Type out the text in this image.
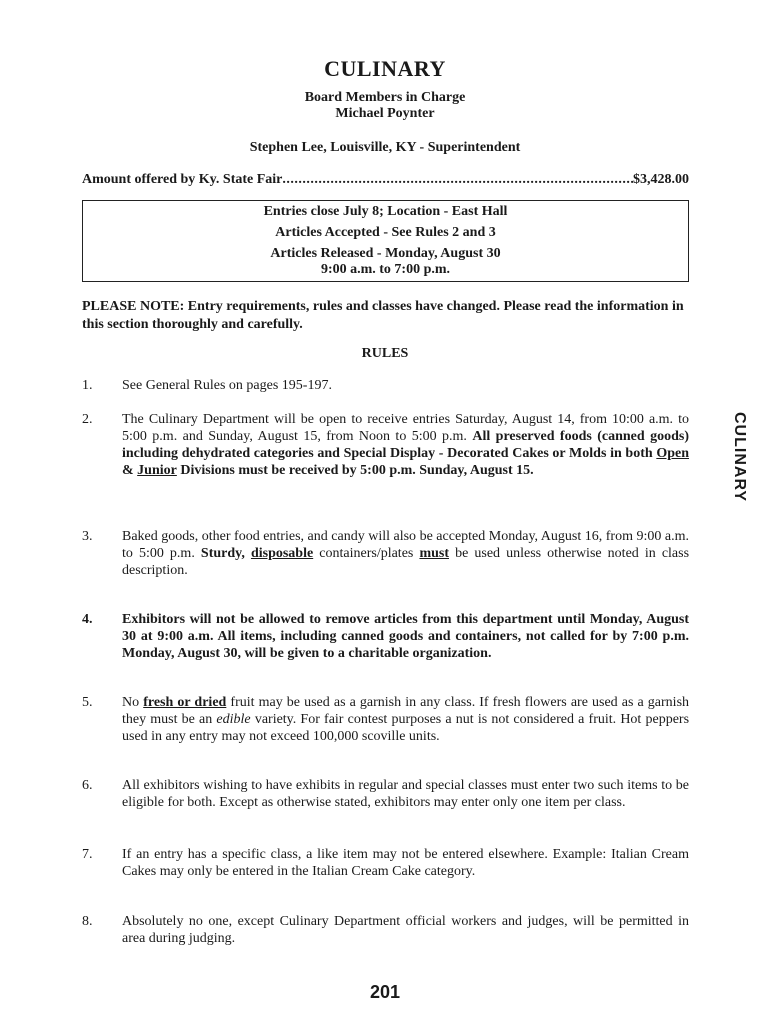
CULINARY
Board Members in Charge
Michael Poynter
Stephen Lee, Louisville, KY - Superintendent
Amount offered by Ky. State Fair
.....	$3,428.00
Entries close July 8; Location - East Hall
Articles Accepted - See Rules 2 and 3
Articles Released - Monday, August 30
9:00 a.m. to 7:00 p.m.
PLEASE NOTE: Entry requirements, rules and classes have changed. Please read the information in this section thoroughly and carefully.
RULES
1.	See General Rules on pages 195-197.
2.	The Culinary Department will be open to receive entries Saturday, August 14, from 10:00 a.m. to 5:00 p.m. and Sunday, August 15, from Noon to 5:00 p.m. All preserved foods (canned goods) including dehydrated categories and Special Display - Decorated Cakes or Molds in both Open & Junior Divisions must be received by 5:00 p.m. Sunday, August 15.
3.	Baked goods, other food entries, and candy will also be accepted Monday, August 16, from 9:00 a.m. to 5:00 p.m. Sturdy, disposable containers/plates must be used unless otherwise noted in class description.
4.	Exhibitors will not be allowed to remove articles from this department until Monday, August 30 at 9:00 a.m. All items, including canned goods and containers, not called for by 7:00 p.m. Monday, August 30, will be given to a charitable organization.
5.	No fresh or dried fruit may be used as a garnish in any class. If fresh flowers are used as a garnish they must be an edible variety. For fair contest purposes a nut is not considered a fruit. Hot peppers used in any entry may not exceed 100,000 scoville units.
6.	All exhibitors wishing to have exhibits in regular and special classes must enter two such items to be eligible for both. Except as otherwise stated, exhibitors may enter only one item per class.
7.	If an entry has a specific class, a like item may not be entered elsewhere. Example: Italian Cream Cakes may only be entered in the Italian Cream Cake category.
8.	Absolutely no one, except Culinary Department official workers and judges, will be permitted in area during judging.
CULINARY
201
